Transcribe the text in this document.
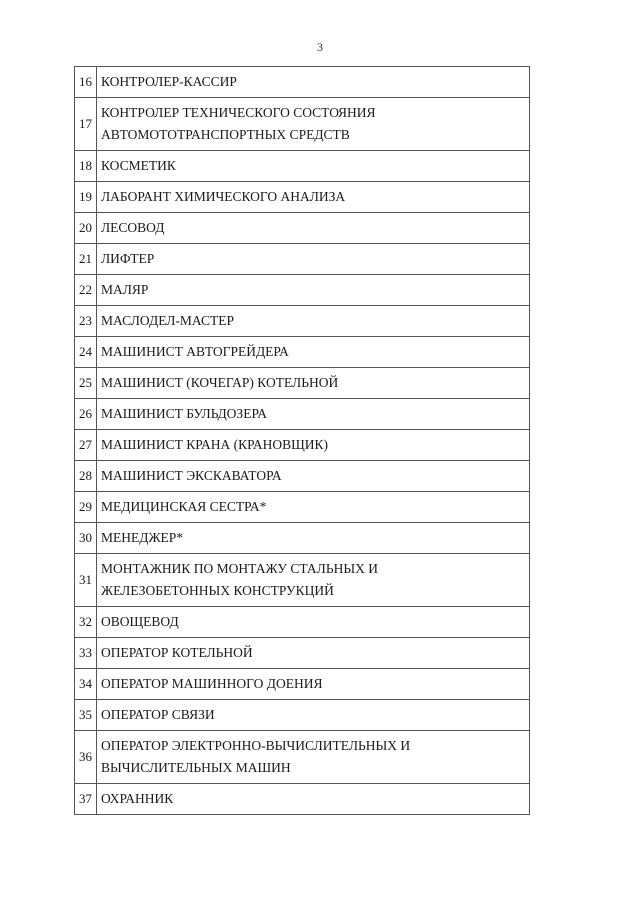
3
16	КОНТРОЛЕР-КАССИР

17	КОНТРОЛЕР ТЕХНИЧЕСКОГО СОСТОЯНИЯ
АВТОМОТОТРАНСПОРТНЫХ СРЕДСТВ

18	КОСМЕТИК

19	ЛАБОРАНТ ХИМИЧЕСКОГО АНАЛИЗА

20	ЛЕСОВОД

21	ЛИФТЕР

22	МАЛЯР

23	МАСЛОДЕЛ-МАСТЕР

24	МАШИНИСТ АВТОГРЕЙДЕРА

25	МАШИНИСТ (КОЧЕГАР) КОТЕЛЬНОЙ

26	МАШИНИСТ БУЛЬДОЗЕРА

27	МАШИНИСТ КРАНА (КРАНОВЩИК)

28	МАШИНИСТ ЭКСКАВАТОРА

29	МЕДИЦИНСКАЯ СЕСТРА*

30	МЕНЕДЖЕР*

31	МОНТАЖНИК ПО МОНТАЖУ СТАЛЬНЫХ И
ЖЕЛЕЗОБЕТОННЫХ КОНСТРУКЦИЙ

32	ОВОЩЕВОД

33	ОПЕРАТОР КОТЕЛЬНОЙ

34	ОПЕРАТОР МАШИННОГО ДОЕНИЯ

35	ОПЕРАТОР СВЯЗИ

36	ОПЕРАТОР ЭЛЕКТРОННО-ВЫЧИСЛИТЕЛЬНЫХ И
ВЫЧИСЛИТЕЛЬНЫХ МАШИН

37	ОХРАННИК
